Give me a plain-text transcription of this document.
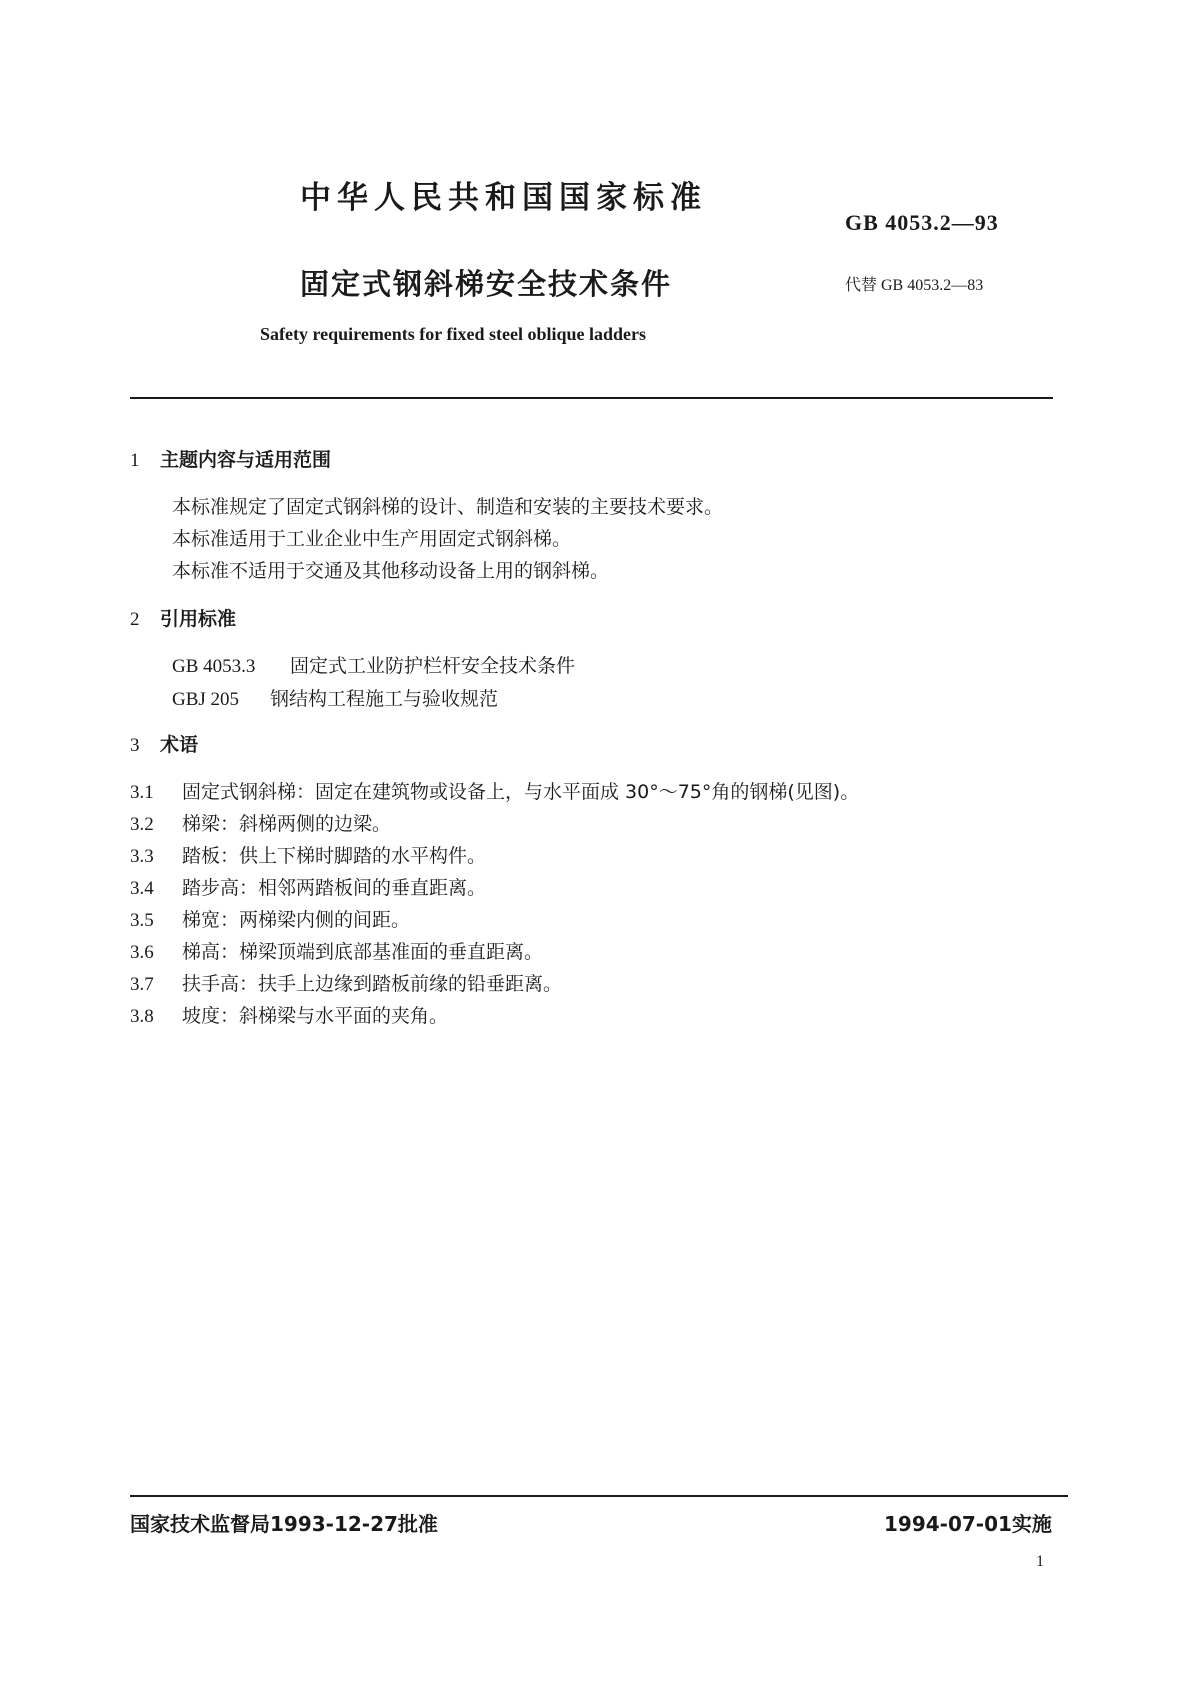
中华人民共和国国家标准
GB 4053.2—93
固定式钢斜梯安全技术条件	代替 GB 4053.2—83
Safety requirements for fixed steel oblique ladders
1 主题内容与适用范围
本标准规定了固定式钢斜梯的设计、制造和安装的主要技术要求。
本标准适用于工业企业中生产用固定式钢斜梯。
本标准不适用于交通及其他移动设备上用的钢斜梯。
2 引用标准
GB 4053.3 固定式工业防护栏杆安全技术条件
GBJ 205 钢结构工程施工与验收规范
3 术语
3.1 固定式钢斜梯：固定在建筑物或设备上，与水平面成 30°～75°角的钢梯(见图)。
3.2 梯梁：斜梯两侧的边梁。
3.3 踏板：供上下梯时脚踏的水平构件。
3.4 踏步高：相邻两踏板间的垂直距离。
3.5 梯宽：两梯梁内侧的间距。
3.6 梯高：梯梁顶端到底部基准面的垂直距离。
3.7 扶手高：扶手上边缘到踏板前缘的铅垂距离。
3.8 坡度：斜梯梁与水平面的夹角。
国家技术监督局1993-12-27批准	1994-07-01实施
1
